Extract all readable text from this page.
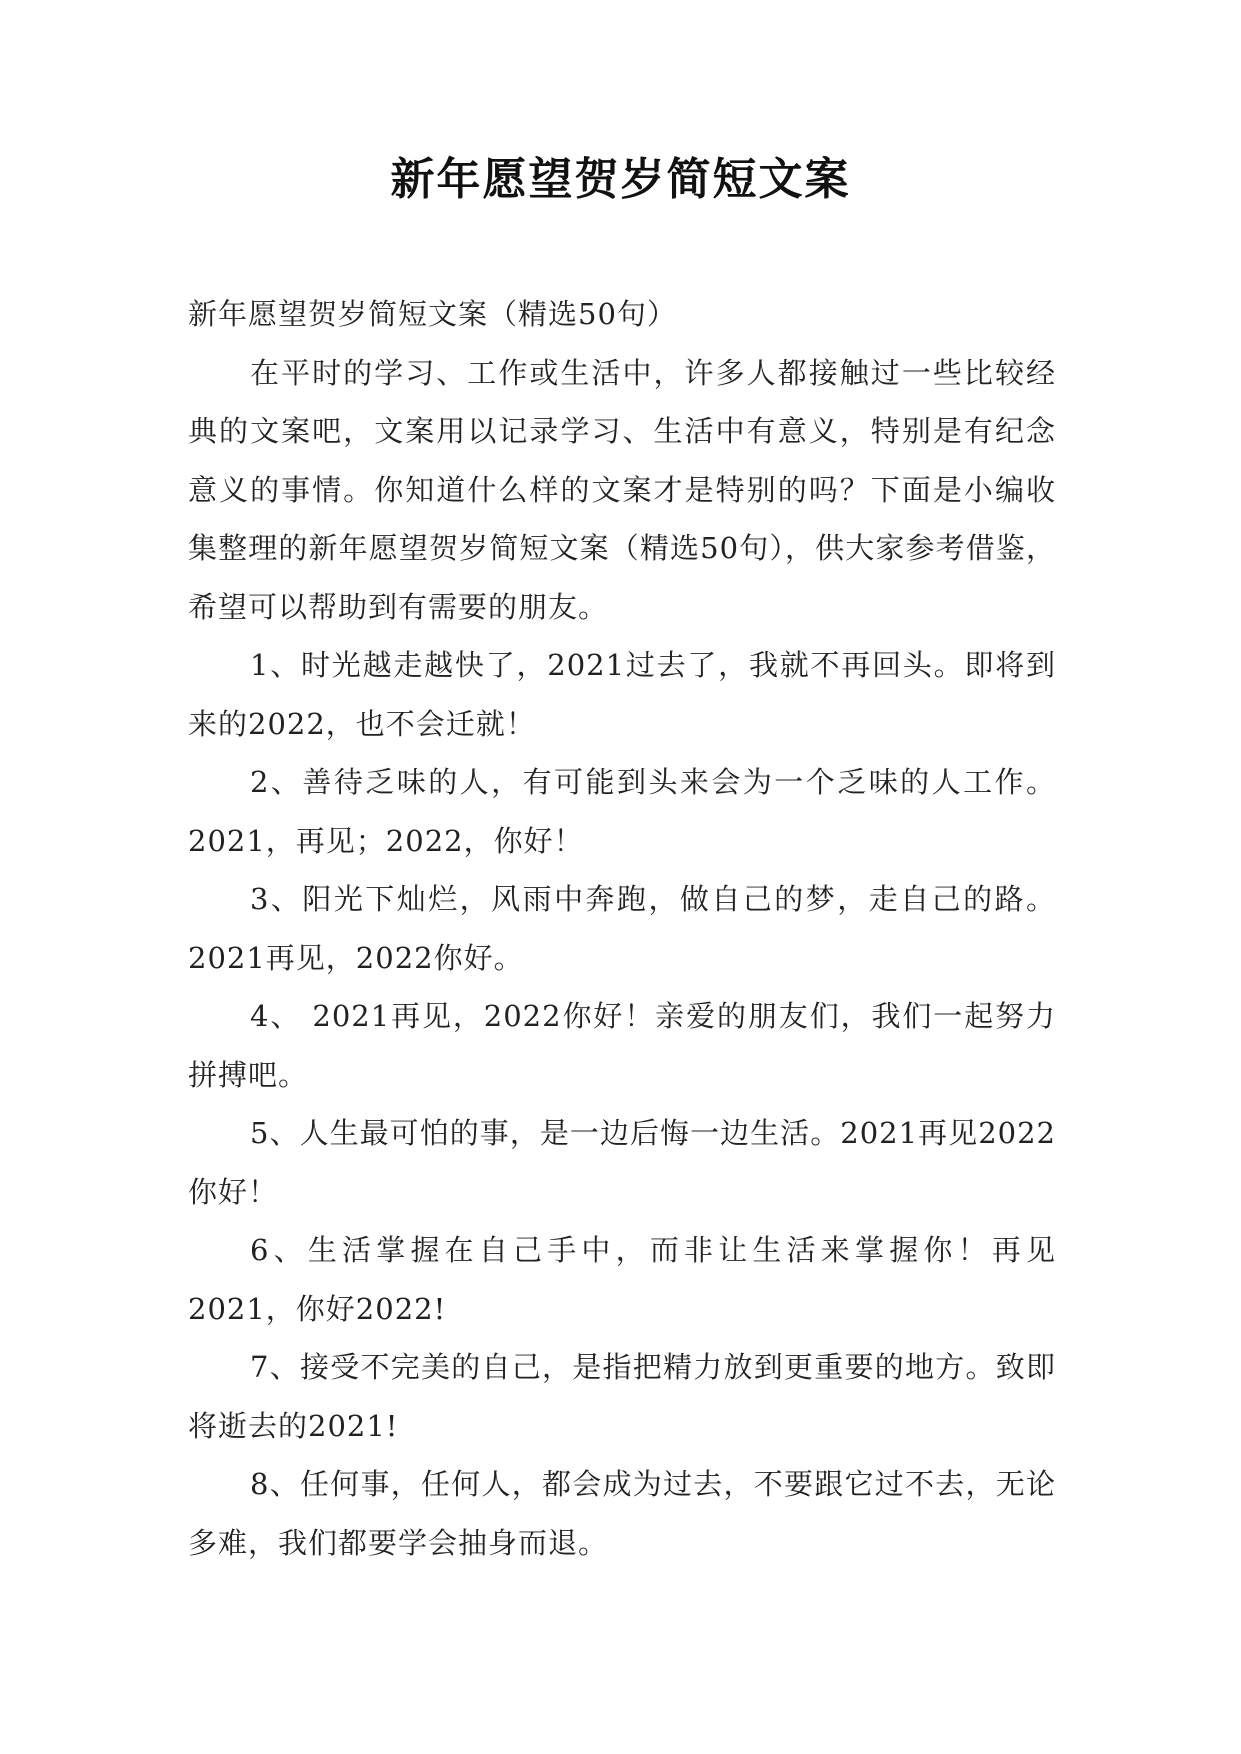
新年愿望贺岁简短文案

新年愿望贺岁简短文案（精选50句）

在平时的学习、工作或生活中，许多人都接触过一些比较经典的文案吧，文案用以记录学习、生活中有意义，特别是有纪念意义的事情。你知道什么样的文案才是特别的吗？下面是小编收集整理的新年愿望贺岁简短文案（精选50句），供大家参考借鉴，希望可以帮助到有需要的朋友。

1、时光越走越快了，2021过去了，我就不再回头。即将到来的2022，也不会迁就！

2、善待乏味的人，有可能到头来会为一个乏味的人工作。2021，再见；2022，你好！

3、阳光下灿烂，风雨中奔跑，做自己的梦，走自己的路。2021再见，2022你好。

4、 2021再见，2022你好！亲爱的朋友们，我们一起努力拼搏吧。

5、人生最可怕的事，是一边后悔一边生活。2021再见2022你好！

6、生活掌握在自己手中，而非让生活来掌握你！再见2021，你好2022!

7、接受不完美的自己，是指把精力放到更重要的地方。致即将逝去的2021!

8、任何事，任何人，都会成为过去，不要跟它过不去，无论多难，我们都要学会抽身而退。
